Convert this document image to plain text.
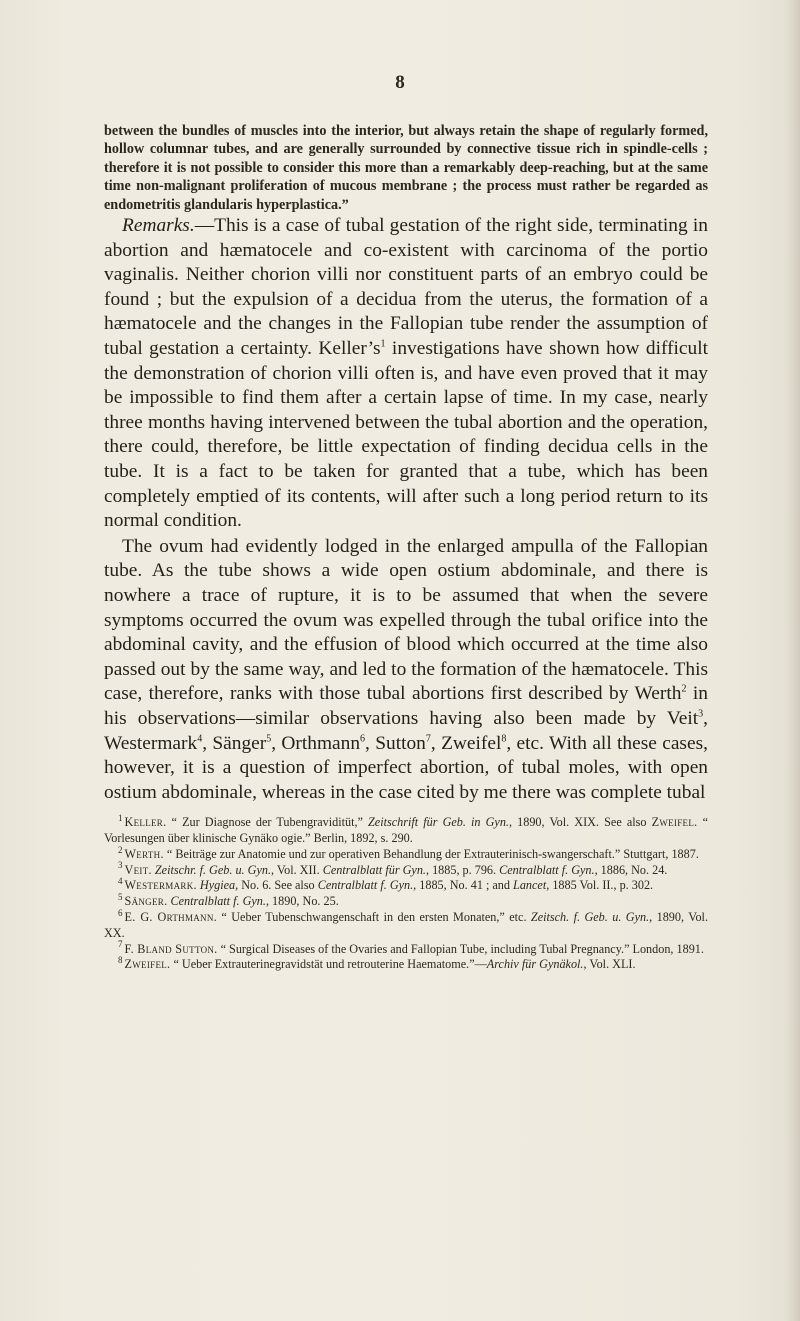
8

between the bundles of muscles into the interior, but always retain the shape of regularly formed, hollow columnar tubes, and are generally surrounded by connective tissue rich in spindle-cells ; therefore it is not possible to consider this more than a remarkably deep-reaching, but at the same time non-malignant proliferation of mucous membrane ; the process must rather be regarded as endometritis glandularis hyperplastica.”

Remarks.—This is a case of tubal gestation of the right side, terminating in abortion and hæmatocele and co-existent with carcinoma of the portio vaginalis. Neither chorion villi nor constituent parts of an embryo could be found ; but the expulsion of a decidua from the uterus, the formation of a hæmatocele and the changes in the Fallopian tube render the assumption of tubal gestation a certainty. $Keller’s^1$ investigations have shown how difficult the demonstration of chorion villi often is, and have even proved that it may be impossible to find them after a certain lapse of time. In my case, nearly three months having intervened between the tubal abortion and the operation, there could, therefore, be little expectation of finding decidua cells in the tube. It is a fact to be taken for granted that a tube, which has been completely emptied of its contents, will after such a long period return to its normal condition.

The ovum had evidently lodged in the enlarged ampulla of the Fallopian tube. As the tube shows a wide open ostium abdominale, and there is nowhere a trace of rupture, it is to be assumed that when the severe symptoms occurred the ovum was expelled through the tubal orifice into the abdominal cavity, and the effusion of blood which occurred at the time also passed out by the same way, and led to the formation of the hæmatocele. This case, therefore, ranks with those tubal abortions first described by Werth$^2$ in his observations—similar observations having also been made by Veit$^3$, Westermark$^4$, Sänger$^5$, Orthmann$^6$, Sutton$^7$, Zweifel$^8$, etc. With all these cases, however, it is a question of imperfect abortion, of tubal moles, with open ostium abdominale, whereas in the case cited by me there was complete tubal

$^1$ Keller. “ Zur Diagnose der Tubengraviditüt,” Zeitschrift für Geb. in Gyn., 1890, Vol. XIX. See also Zweifel. “ Vorlesungen über klinische Gynäko ogie.” Berlin, 1892, s. 290.

$^2$ Werth. “ Beiträge zur Anatomie und zur operativen Behandlung der Extrauterinisch-swangerschaft.” Stuttgart, 1887.

$^3$ Veit. Zeitschr. f. Geb. u. Gyn., Vol. XII. Centralblatt für Gyn., 1885, p. 796. Centralblatt f. Gyn., 1886, No. 24.

$^4$ Westermark. Hygiea, No. 6. See also Centralblatt f. Gyn., 1885, No. 41 ; and Lancet, 1885 Vol. II., p. 302.

$^5$ Sänger. Centralblatt f. Gyn., 1890, No. 25.

$^6$ E. G. Orthmann. “ Ueber Tubenschwangenschaft in den ersten Monaten,” etc. Zeitsch. f. Geb. u. Gyn., 1890, Vol. XX.

$^7$ F. Bland Sutton. “ Surgical Diseases of the Ovaries and Fallopian Tube, including Tubal Pregnancy.” London, 1891.

$^8$ Zweifel. “ Ueber Extrauterinegravidstät und retrouterine Haematome.”—Archiv für Gynäkol., Vol. XLI.
